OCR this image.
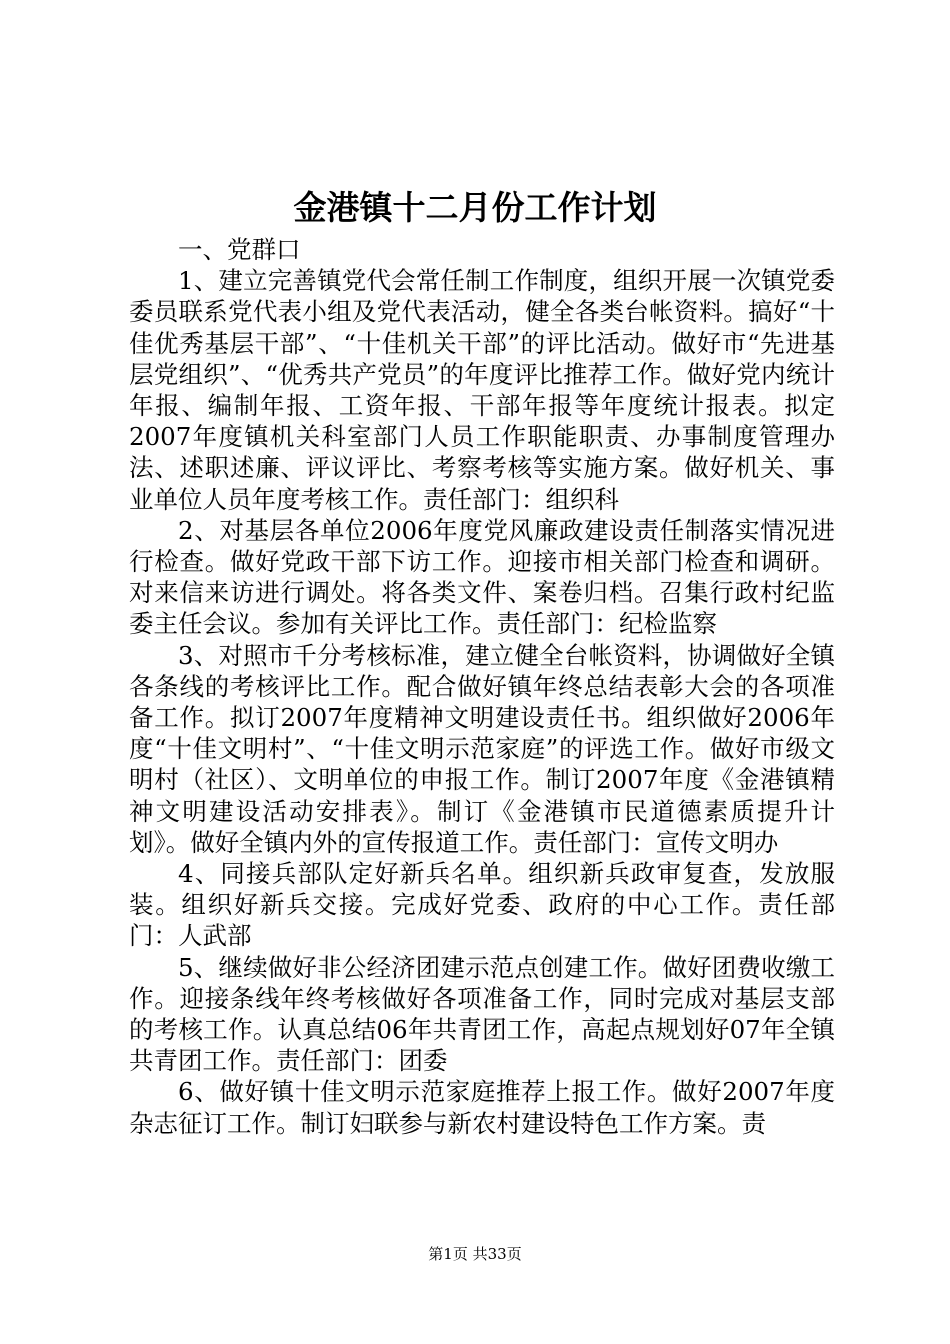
金港镇十二月份工作计划

一、党群口

1、建立完善镇党代会常任制工作制度，组织开展一次镇党委委员联系党代表小组及党代表活动，健全各类台帐资料。搞好“十佳优秀基层干部”、“十佳机关干部”的评比活动。做好市“先进基层党组织”、“优秀共产党员”的年度评比推荐工作。做好党内统计年报、编制年报、工资年报、干部年报等年度统计报表。拟定2007年度镇机关科室部门人员工作职能职责、办事制度管理办法、述职述廉、评议评比、考察考核等实施方案。做好机关、事业单位人员年度考核工作。责任部门：组织科

2、对基层各单位2006年度党风廉政建设责任制落实情况进行检查。做好党政干部下访工作。迎接市相关部门检查和调研。对来信来访进行调处。将各类文件、案卷归档。召集行政村纪监委主任会议。参加有关评比工作。责任部门：纪检监察

3、对照市千分考核标准，建立健全台帐资料，协调做好全镇各条线的考核评比工作。配合做好镇年终总结表彰大会的各项准备工作。拟订2007年度精神文明建设责任书。组织做好2006年度“十佳文明村”、“十佳文明示范家庭”的评选工作。做好市级文明村（社区）、文明单位的申报工作。制订2007年度《金港镇精神文明建设活动安排表》。制订《金港镇市民道德素质提升计划》。做好全镇内外的宣传报道工作。责任部门：宣传文明办

4、同接兵部队定好新兵名单。组织新兵政审复查，发放服装。组织好新兵交接。完成好党委、政府的中心工作。责任部门：人武部

5、继续做好非公经济团建示范点创建工作。做好团费收缴工作。迎接条线年终考核做好各项准备工作，同时完成对基层支部的考核工作。认真总结06年共青团工作，高起点规划好07年全镇共青团工作。责任部门：团委

6、做好镇十佳文明示范家庭推荐上报工作。做好2007年度杂志征订工作。制订妇联参与新农村建设特色工作方案。责

第1页 共33页
